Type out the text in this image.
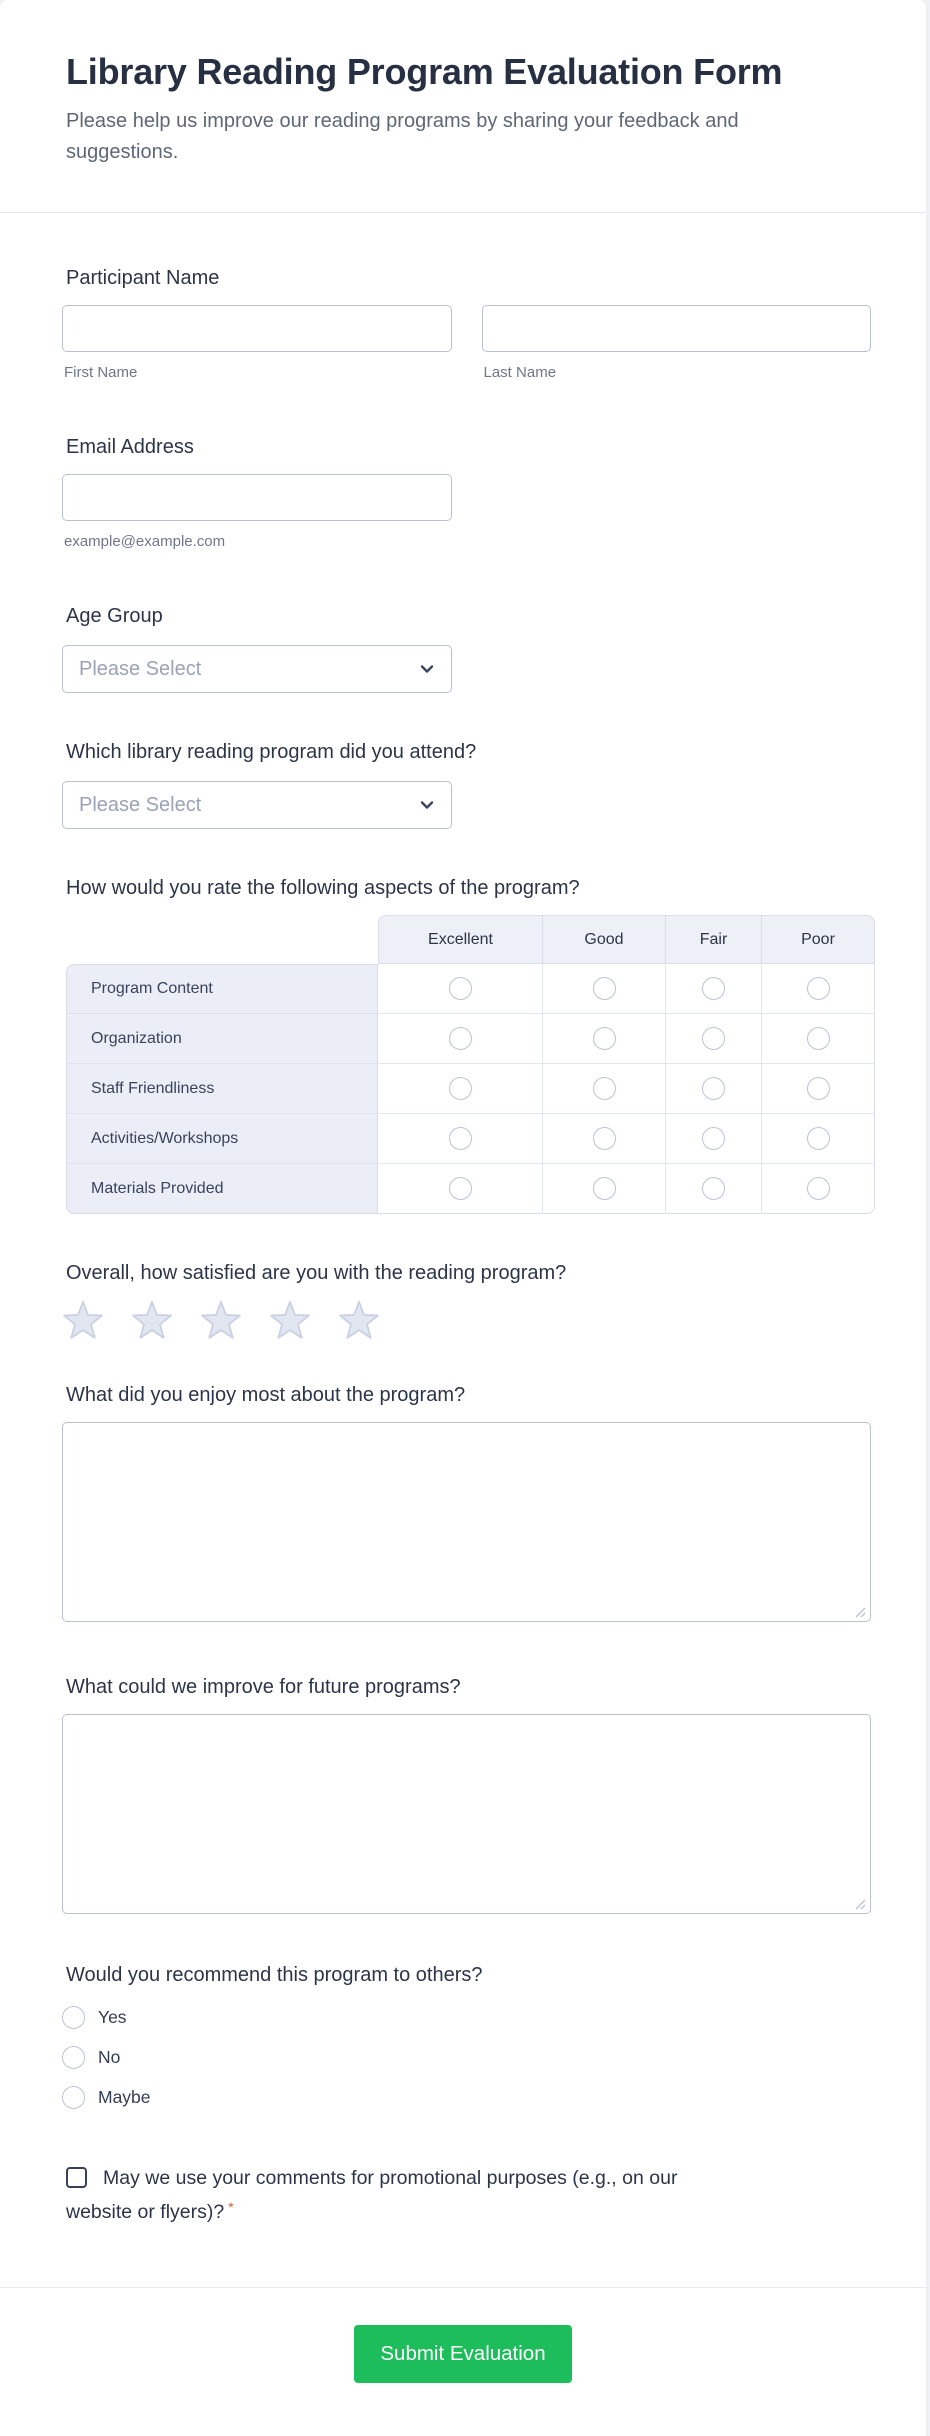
Library Reading Program Evaluation Form

Please help us improve our reading programs by sharing your feedback and suggestions.

Participant Name
First Name	Last Name
Email Address
example@example.com
Age Group
Please Select
Which library reading program did you attend?
Please Select
How would you rate the following aspects of the program?
	Excellent	Good	Fair	Poor
Program Content				
Organization				
Staff Friendliness				
Activities/Workshops				
Materials Provided				
Overall, how satisfied are you with the reading program?
What did you enjoy most about the program?
What could we improve for future programs?
Would you recommend this program to others?
Yes
No
Maybe
May we use your comments for promotional purposes (e.g., on our website or flyers)? *
Submit Evaluation
